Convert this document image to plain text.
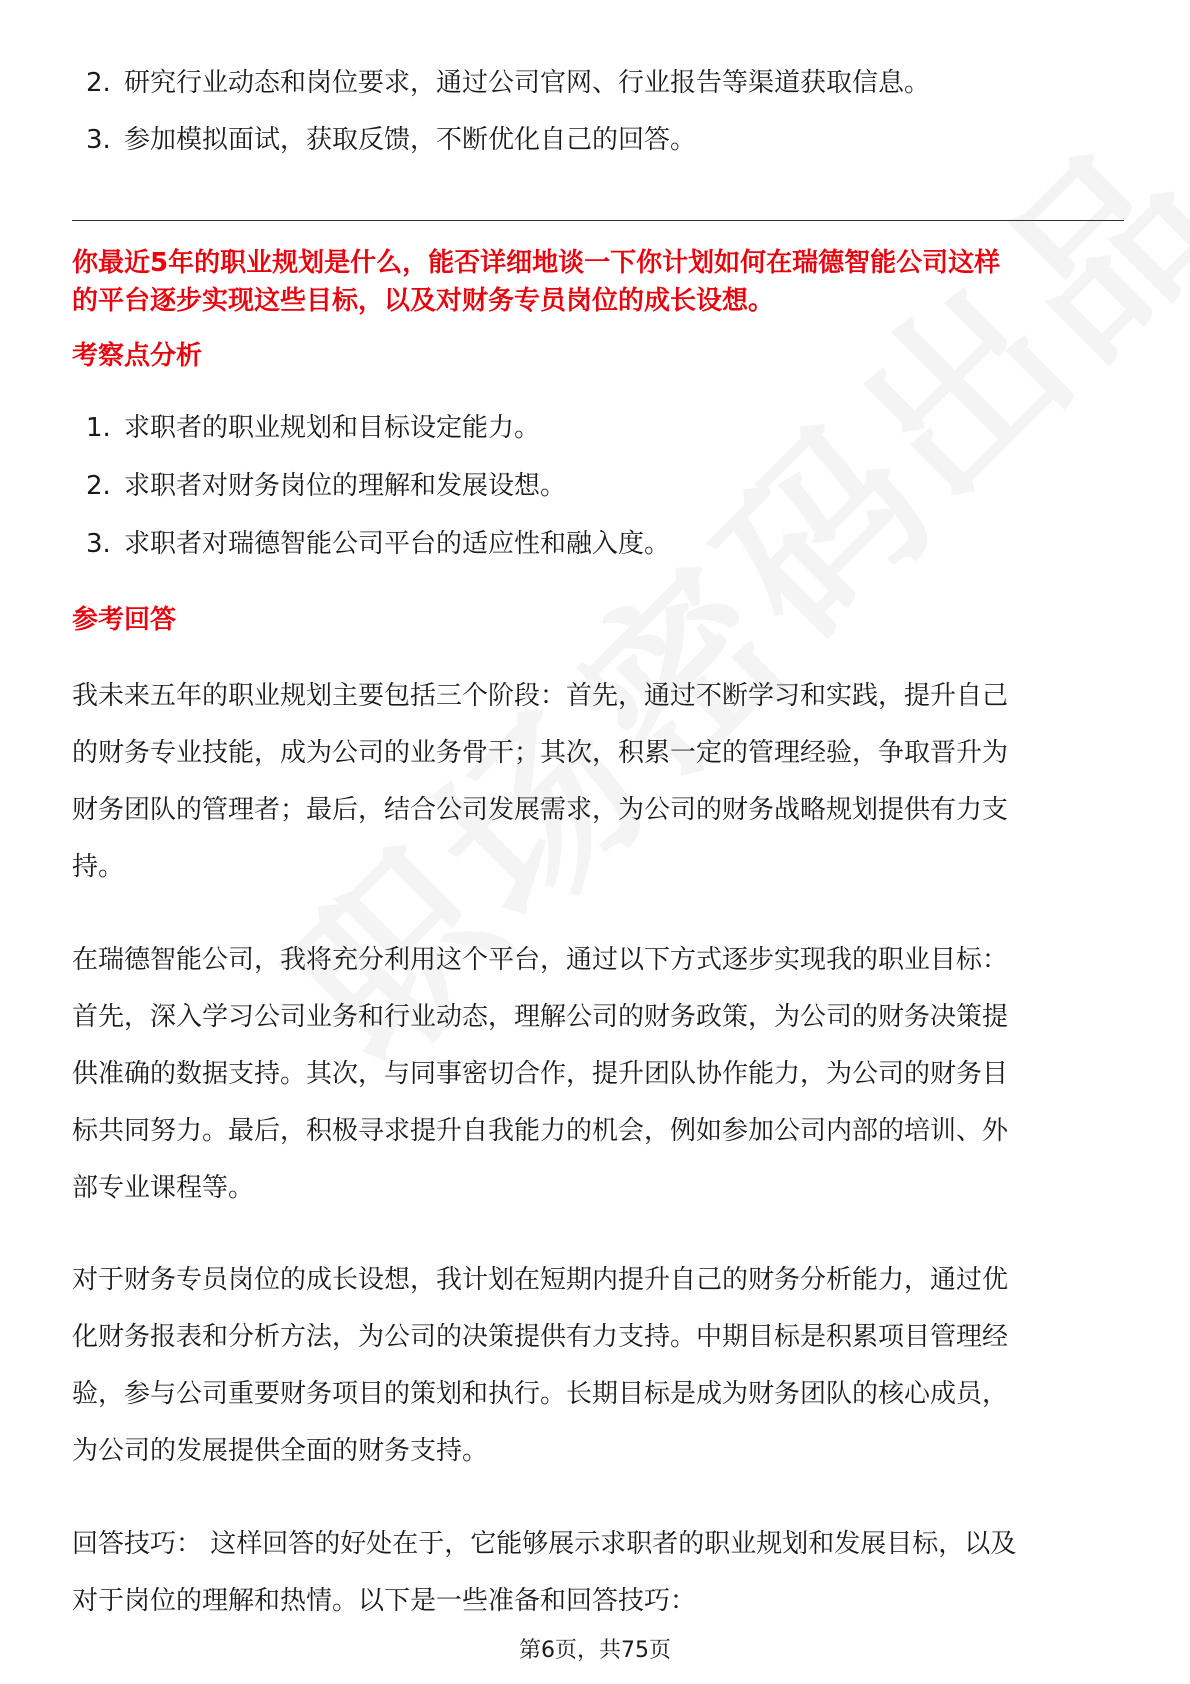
2. 研究行业动态和岗位要求，通过公司官网、行业报告等渠道获取信息。
3. 参加模拟面试，获取反馈，不断优化自己的回答。
你最近5年的职业规划是什么，能否详细地谈一下你计划如何在瑞德智能公司这样
的平台逐步实现这些目标，以及对财务专员岗位的成长设想。
考察点分析
1. 求职者的职业规划和目标设定能力。
2. 求职者对财务岗位的理解和发展设想。
3. 求职者对瑞德智能公司平台的适应性和融入度。
参考回答
我未来五年的职业规划主要包括三个阶段：首先，通过不断学习和实践，提升自己
的财务专业技能，成为公司的业务骨干；其次，积累一定的管理经验，争取晋升为
财务团队的管理者；最后，结合公司发展需求，为公司的财务战略规划提供有力支
持。
在瑞德智能公司，我将充分利用这个平台，通过以下方式逐步实现我的职业目标：
首先，深入学习公司业务和行业动态，理解公司的财务政策，为公司的财务决策提
供准确的数据支持。其次，与同事密切合作，提升团队协作能力，为公司的财务目
标共同努力。最后，积极寻求提升自我能力的机会，例如参加公司内部的培训、外
部专业课程等。
对于财务专员岗位的成长设想，我计划在短期内提升自己的财务分析能力，通过优
化财务报表和分析方法，为公司的决策提供有力支持。中期目标是积累项目管理经
验，参与公司重要财务项目的策划和执行。长期目标是成为财务团队的核心成员，
为公司的发展提供全面的财务支持。
回答技巧： 这样回答的好处在于，它能够展示求职者的职业规划和发展目标，以及
对于岗位的理解和热情。以下是一些准备和回答技巧：
第6页，共75页
